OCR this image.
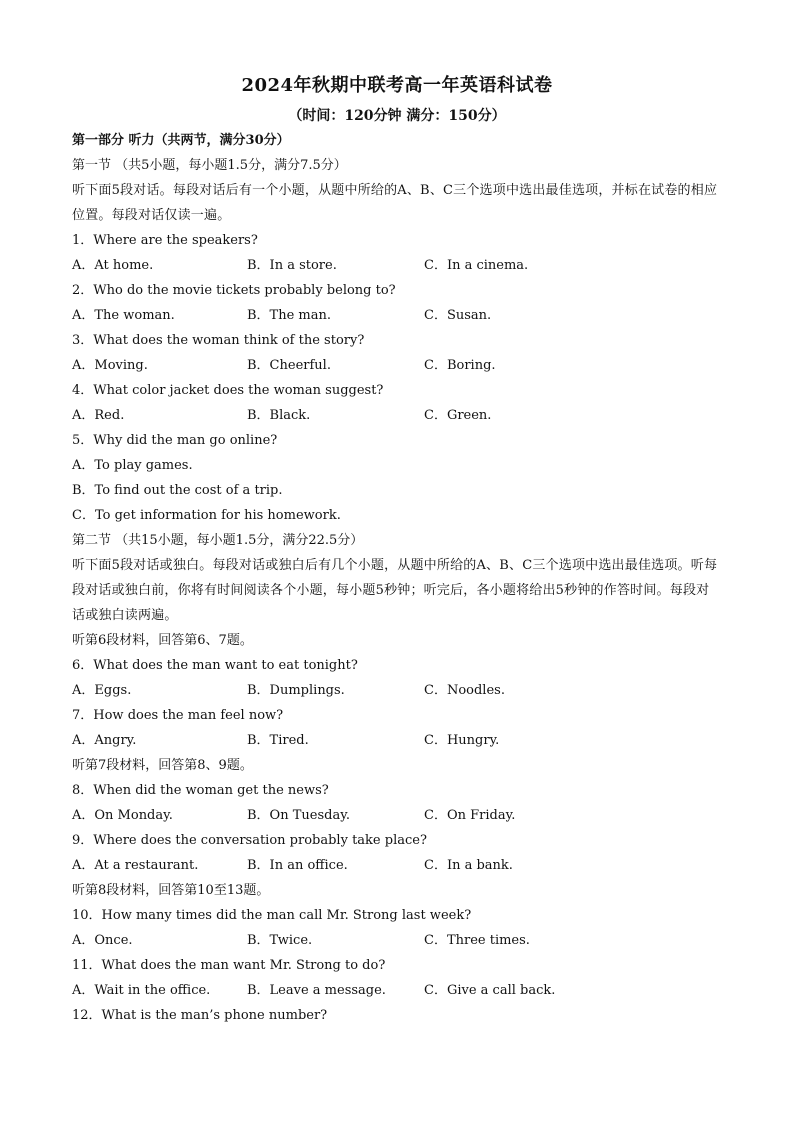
2024年秋期中联考高一年英语科试卷
（时间：120分钟 满分：150分）
第一部分 听力（共两节，满分30分）
第一节 （共5小题，每小题1.5分，满分7.5分）
听下面5段对话。每段对话后有一个小题，从题中所给的A、B、C三个选项中选出最佳选项，并标在试卷的相应位置。每段对话仅读一遍。
1．Where are the speakers?
A．At home.	B．In a store.	C．In a cinema.
2．Who do the movie tickets probably belong to?
A．The woman.	B．The man.	C．Susan.
3．What does the woman think of the story?
A．Moving.	B．Cheerful.	C．Boring.
4．What color jacket does the woman suggest?
A．Red.	B．Black.	C．Green.
5．Why did the man go online?
A．To play games.
B．To find out the cost of a trip.
C．To get information for his homework.
第二节 （共15小题，每小题1.5分，满分22.5分）
听下面5段对话或独白。每段对话或独白后有几个小题，从题中所给的A、B、C三个选项中选出最佳选项。听每段对话或独白前，你将有时间阅读各个小题，每小题5秒钟；听完后，各小题将给出5秒钟的作答时间。每段对话或独白读两遍。
听第6段材料，回答第6、7题。
6．What does the man want to eat tonight?
A．Eggs.	B．Dumplings.	C．Noodles.
7．How does the man feel now?
A．Angry.	B．Tired.	C．Hungry.
听第7段材料，回答第8、9题。
8．When did the woman get the news?
A．On Monday.	B．On Tuesday.	C．On Friday.
9．Where does the conversation probably take place?
A．At a restaurant.	B．In an office.	C．In a bank.
听第8段材料，回答第10至13题。
10．How many times did the man call Mr. Strong last week?
A．Once.	B．Twice.	C．Three times.
11．What does the man want Mr. Strong to do?
A．Wait in the office.	B．Leave a message.	C．Give a call back.
12．What is the man’s phone number?
